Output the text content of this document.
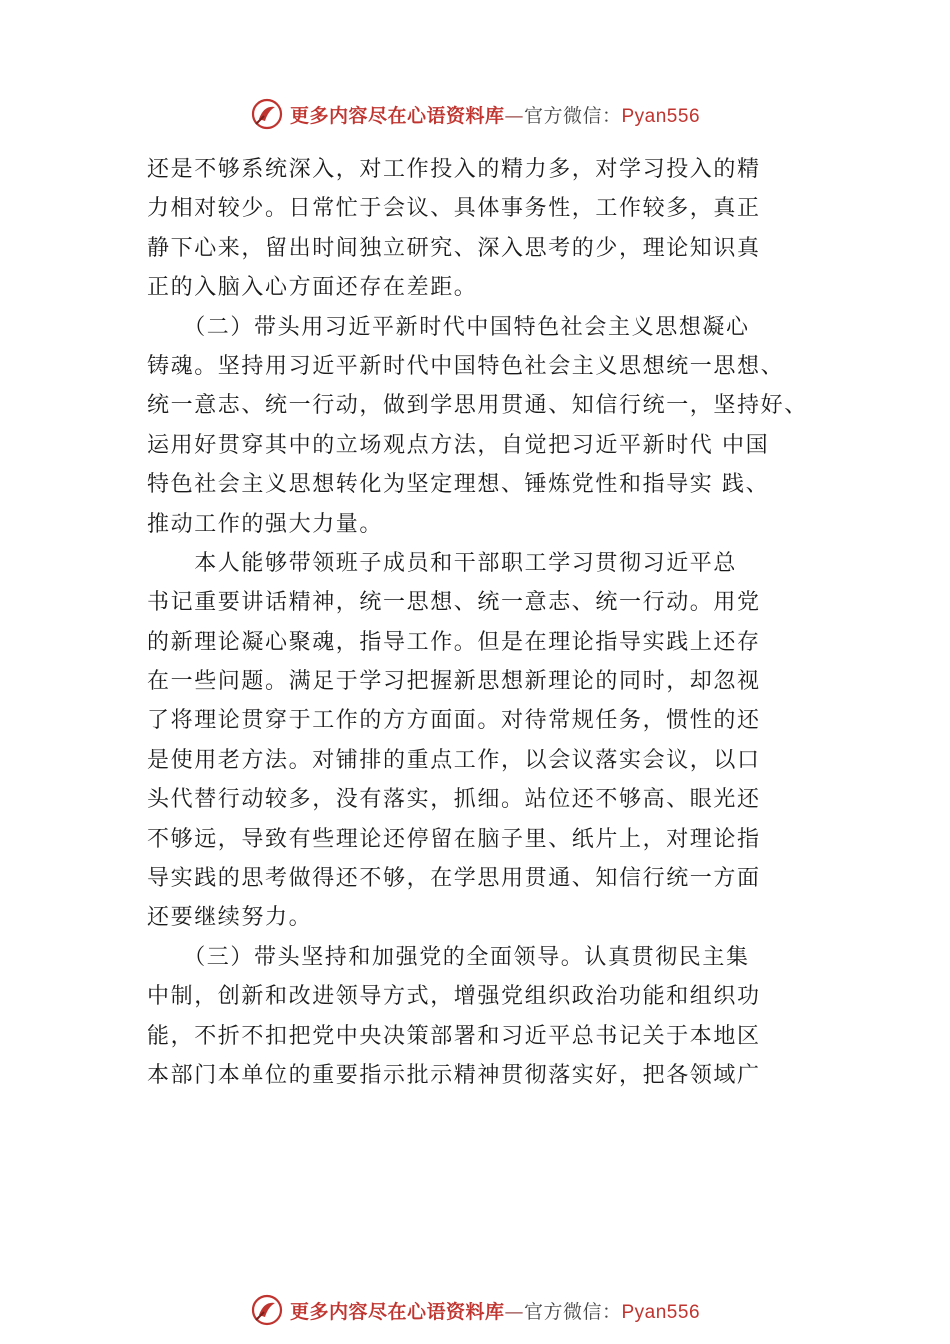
更多内容尽在心语资料库—官方微信：Pyan556
还是不够系统深入，对工作投入的精力多，对学习投入的精
力相对较少。日常忙于会议、具体事务性，工作较多，真正
静下心来，留出时间独立研究、深入思考的少，理论知识真
正的入脑入心方面还存在差距。
　　（二）带头用习近平新时代中国特色社会主义思想凝心
铸魂。坚持用习近平新时代中国特色社会主义思想统一思想、
统一意志、统一行动，做到学思用贯通、知信行统一，坚持好、
运用好贯穿其中的立场观点方法，自觉把习近平新时代 中国
特色社会主义思想转化为坚定理想、锤炼党性和指导实 践、
推动工作的强大力量。
　　本人能够带领班子成员和干部职工学习贯彻习近平总
书记重要讲话精神，统一思想、统一意志、统一行动。用党
的新理论凝心聚魂，指导工作。但是在理论指导实践上还存
在一些问题。满足于学习把握新思想新理论的同时，却忽视
了将理论贯穿于工作的方方面面。对待常规任务，惯性的还
是使用老方法。对铺排的重点工作，以会议落实会议，以口
头代替行动较多，没有落实，抓细。站位还不够高、眼光还
不够远，导致有些理论还停留在脑子里、纸片上，对理论指
导实践的思考做得还不够，在学思用贯通、知信行统一方面
还要继续努力。
　　（三）带头坚持和加强党的全面领导。认真贯彻民主集
中制，创新和改进领导方式，增强党组织政治功能和组织功
能，不折不扣把党中央决策部署和习近平总书记关于本地区
本部门本单位的重要指示批示精神贯彻落实好，把各领域广
更多内容尽在心语资料库—官方微信：Pyan556
